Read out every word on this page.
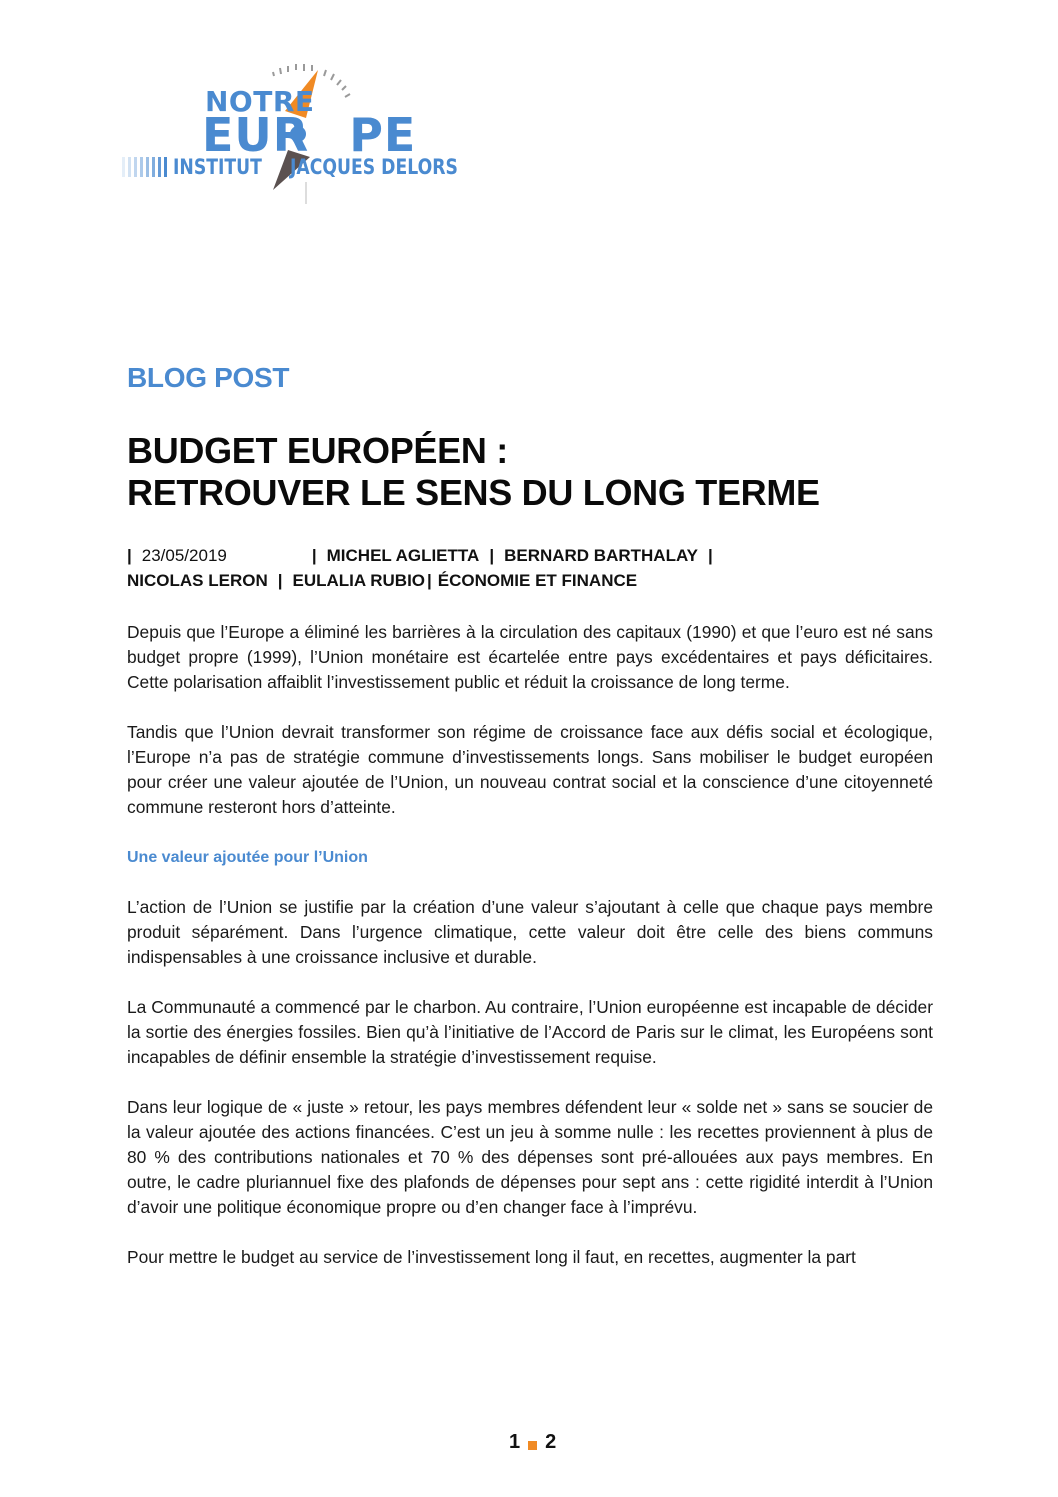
NOTRE
EUR PE
INSTITUT JACQUES DELORS
BLOG POST
BUDGET EUROPÉEN :
RETROUVER LE SENS DU LONG TERME
| 23/05/2019	| MICHEL AGLIETTA | BERNARD BARTHALAY |
NICOLAS LERON | EULALIA RUBIO | ÉCONOMIE ET FINANCE

Depuis que l’Europe a éliminé les barrières à la circulation des capitaux (1990) et que l’euro est né sans budget propre (1999), l’Union monétaire est écartelée entre pays excédentaires et pays déficitaires. Cette polarisation affaiblit l’investissement public et réduit la croissance de long terme.

Tandis que l’Union devrait transformer son régime de croissance face aux défis social et écologique, l’Europe n’a pas de stratégie commune d’investissements longs. Sans mobiliser le budget européen pour créer une valeur ajoutée de l’Union, un nouveau contrat social et la conscience d’une citoyenneté commune resteront hors d’atteinte.

Une valeur ajoutée pour l’Union

L’action de l’Union se justifie par la création d’une valeur s’ajoutant à celle que chaque pays membre produit séparément. Dans l’urgence climatique, cette valeur doit être celle des biens communs indispensables à une croissance inclusive et durable.

La Communauté a commencé par le charbon. Au contraire, l’Union européenne est incapable de décider la sortie des énergies fossiles. Bien qu’à l’initiative de l’Accord de Paris sur le climat, les Européens sont incapables de définir ensemble la stratégie d’investissement requise.

Dans leur logique de « juste » retour, les pays membres défendent leur « solde net » sans se soucier de la valeur ajoutée des actions financées. C’est un jeu à somme nulle : les recettes proviennent à plus de 80 % des contributions nationales et 70 % des dépenses sont pré-allouées aux pays membres. En outre, le cadre pluriannuel fixe des plafonds de dépenses pour sept ans : cette rigidité interdit à l’Union d’avoir une politique économique propre ou d’en changer face à l’imprévu.

Pour mettre le budget au service de l’investissement long il faut, en recettes, augmenter la part

1 2
